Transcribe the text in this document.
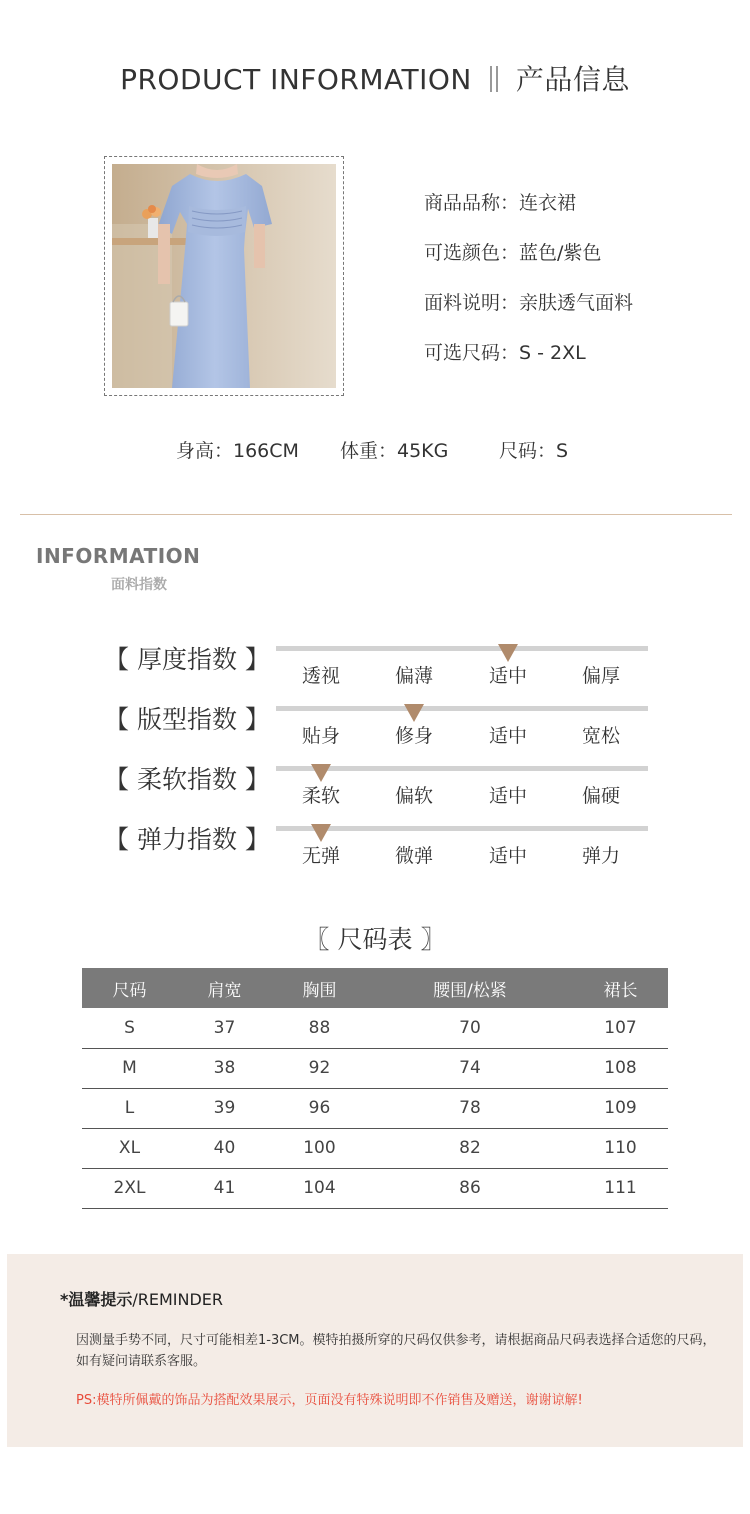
PRODUCT INFORMATION 产品信息
商品品称：连衣裙
可选颜色：蓝色/紫色
面料说明：亲肤透气面料
可选尺码：S - 2XL
身高：166CM 体重：45KG	尺码：S
INFORMATION
面料指数
【 厚度指数 】
透视	偏薄	适中	偏厚
【 版型指数 】
贴身	修身	适中	宽松
【 柔软指数 】
柔软	偏软	适中	偏硬
【 弹力指数 】
无弹	微弹	适中	弹力
〖 尺码表 〗
尺码	肩宽	胸围	腰围/松紧	裙长
S	37	88	70	107
M	38	92	74	108
L	39	96	78	109
XL	40	100	82	110
2XL	41	104	86	111
*温馨提示/REMINDER
因测量手势不同，尺寸可能相差1-3CM。模特拍摄所穿的尺码仅供参考，请根据商品尺码表选择合适您的尺码，如有疑问请联系客服。
PS:模特所佩戴的饰品为搭配效果展示，页面没有特殊说明即不作销售及赠送，谢谢谅解!
